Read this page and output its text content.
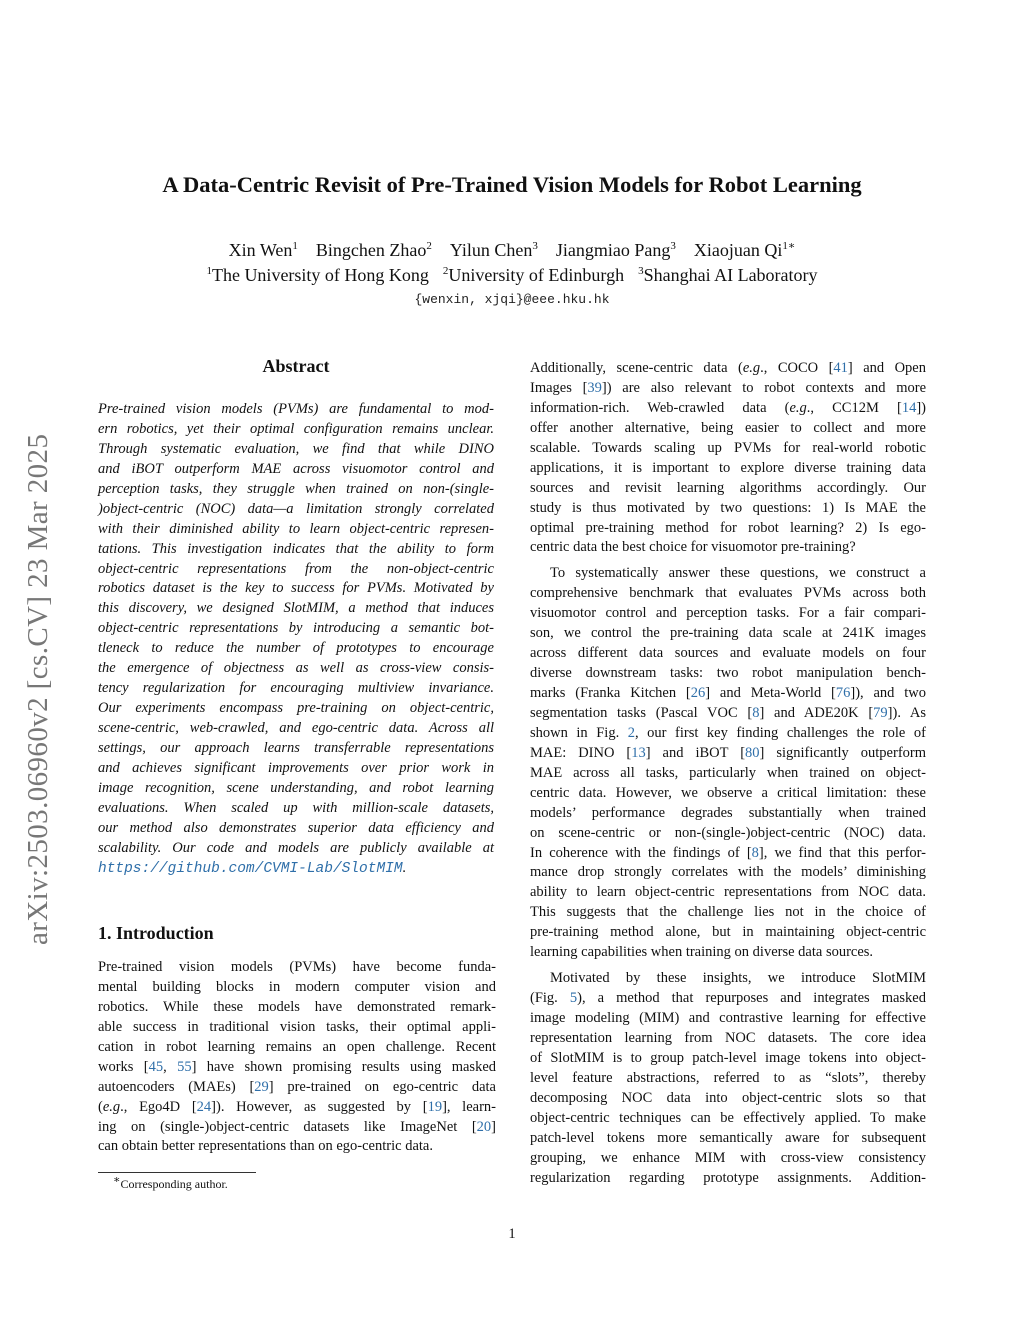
arXiv:2503.06960v2 [cs.CV] 23 Mar 2025
A Data-Centric Revisit of Pre-Trained Vision Models for Robot Learning
Xin Wen$^1$ Bingchen Zhao$^2$ Yilun Chen$^3$ Jiangmiao Pang$^3$ Xiaojuan $Qi^{1∗}$
$^1$The University of Hong Kong $^2$University of Edinburgh $^3$Shanghai AI Laboratory
{wenxin, xjqi}@eee.hku.hk
Abstract
Pre-trained vision models (PVMs) are fundamental to mod-
ern robotics, yet their optimal configuration remains unclear.
Through systematic evaluation, we find that while DINO
and iBOT outperform MAE across visuomotor control and
perception tasks, they struggle when trained on non-(single-
)object-centric (NOC) data—a limitation strongly correlated
with their diminished ability to learn object-centric represen-
tations. This investigation indicates that the ability to form
object-centric representations from the non-object-centric
robotics dataset is the key to success for PVMs. Motivated by
this discovery, we designed SlotMIM, a method that induces
object-centric representations by introducing a semantic bot-
tleneck to reduce the number of prototypes to encourage
the emergence of objectness as well as cross-view consis-
tency regularization for encouraging multiview invariance.
Our experiments encompass pre-training on object-centric,
scene-centric, web-crawled, and ego-centric data. Across all
settings, our approach learns transferrable representations
and achieves significant improvements over prior work in
image recognition, scene understanding, and robot learning
evaluations. When scaled up with million-scale datasets,
our method also demonstrates superior data efficiency and
scalability. Our code and models are publicly available at
https://github.com/CVMI-Lab/SlotMIM.
1. Introduction
Pre-trained vision models (PVMs) have become funda-
mental building blocks in modern computer vision and
robotics. While these models have demonstrated remark-
able success in traditional vision tasks, their optimal appli-
cation in robot learning remains an open challenge. Recent
works [45, 55] have shown promising results using masked
autoencoders (MAEs) [29] pre-trained on ego-centric data
(e.g., Ego4D [24]). However, as suggested by [19], learn-
ing on (single-)object-centric datasets like ImageNet [20]
can obtain better representations than on ego-centric data.
Additionally, scene-centric data (e.g., COCO [41] and Open
Images [39]) are also relevant to robot contexts and more
information-rich. Web-crawled data (e.g., CC12M [14])
offer another alternative, being easier to collect and more
scalable. Towards scaling up PVMs for real-world robotic
applications, it is important to explore diverse training data
sources and revisit learning algorithms accordingly. Our
study is thus motivated by two questions: 1) Is MAE the
optimal pre-training method for robot learning? 2) Is ego-
centric data the best choice for visuomotor pre-training?
To systematically answer these questions, we construct a
comprehensive benchmark that evaluates PVMs across both
visuomotor control and perception tasks. For a fair compari-
son, we control the pre-training data scale at 241K images
across different data sources and evaluate models on four
diverse downstream tasks: two robot manipulation bench-
marks (Franka Kitchen [26] and Meta-World [76]), and two
segmentation tasks (Pascal VOC [8] and ADE20K [79]). As
shown in Fig. 2, our first key finding challenges the role of
MAE: DINO [13] and iBOT [80] significantly outperform
MAE across all tasks, particularly when trained on object-
centric data. However, we observe a critical limitation: these
models’ performance degrades substantially when trained
on scene-centric or non-(single-)object-centric (NOC) data.
In coherence with the findings of [8], we find that this perfor-
mance drop strongly correlates with the models’ diminishing
ability to learn object-centric representations from NOC data.
This suggests that the challenge lies not in the choice of
pre-training method alone, but in maintaining object-centric
learning capabilities when training on diverse data sources.
Motivated by these insights, we introduce SlotMIM
(Fig. 5), a method that repurposes and integrates masked
image modeling (MIM) and contrastive learning for effective
representation learning from NOC datasets. The core idea
of SlotMIM is to group patch-level image tokens into object-
level feature abstractions, referred to as “slots”, thereby
decomposing NOC data into object-centric slots so that
object-centric techniques can be effectively applied. To make
patch-level tokens more semantically aware for subsequent
grouping, we enhance MIM with cross-view consistency
regularization regarding prototype assignments. Addition-
∗Corresponding author.
1
